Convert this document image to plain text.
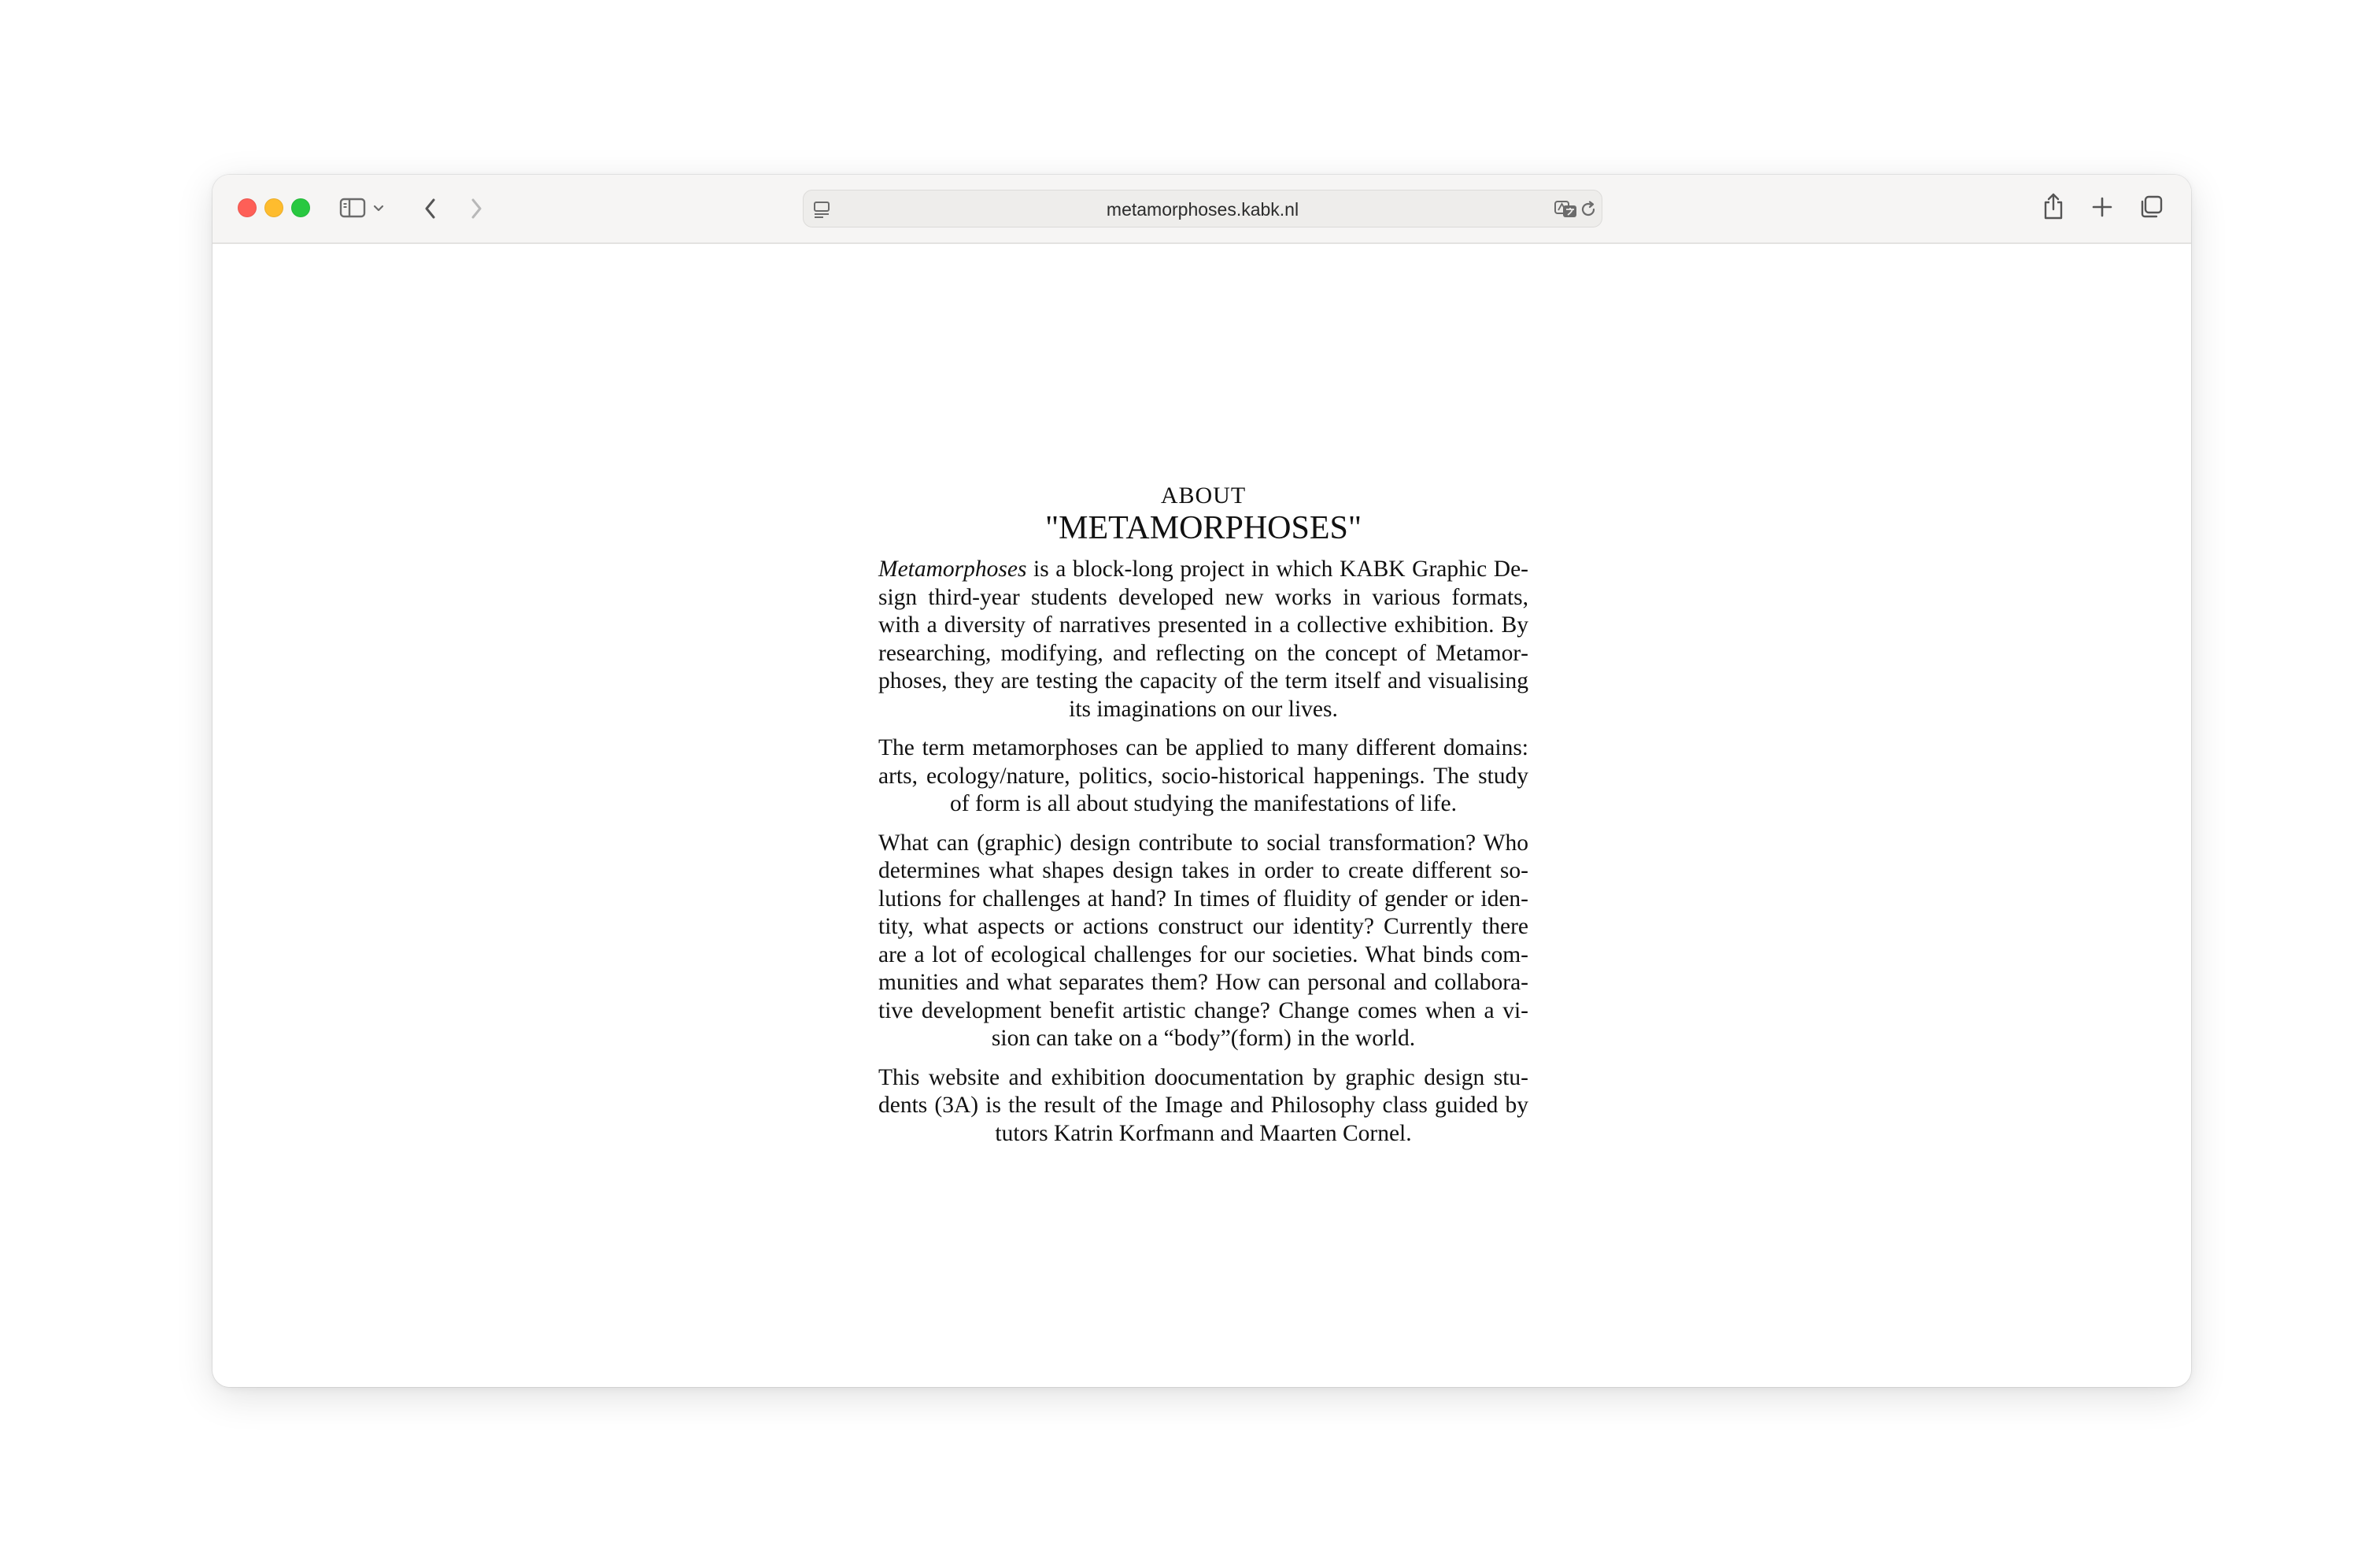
metamorphoses.kabk.nl
ABOUT
"METAMORPHOSES"

Metamorphoses is a block-long project in which KABK Graphic Design third-year students developed new works in various formats, with a diversity of narratives presented in a collective exhibition. By researching, modifying, and reflecting on the concept of Metamorphoses, they are testing the capacity of the term itself and visualising its imaginations on our lives.

The term metamorphoses can be applied to many different domains: arts, ecology/nature, politics, socio-historical happenings. The study of form is all about studying the manifestations of life.

What can (graphic) design contribute to social transformation? Who determines what shapes design takes in order to create different solutions for challenges at hand? In times of fluidity of gender or identity, what aspects or actions construct our identity? Currently there are a lot of ecological challenges for our societies. What binds communities and what separates them? How can personal and collaborative development benefit artistic change? Change comes when a vision can take on a “body”(form) in the world.

This website and exhibition doocumentation by graphic design students (3A) is the result of the Image and Philosophy class guided by tutors Katrin Korfmann and Maarten Cornel.
